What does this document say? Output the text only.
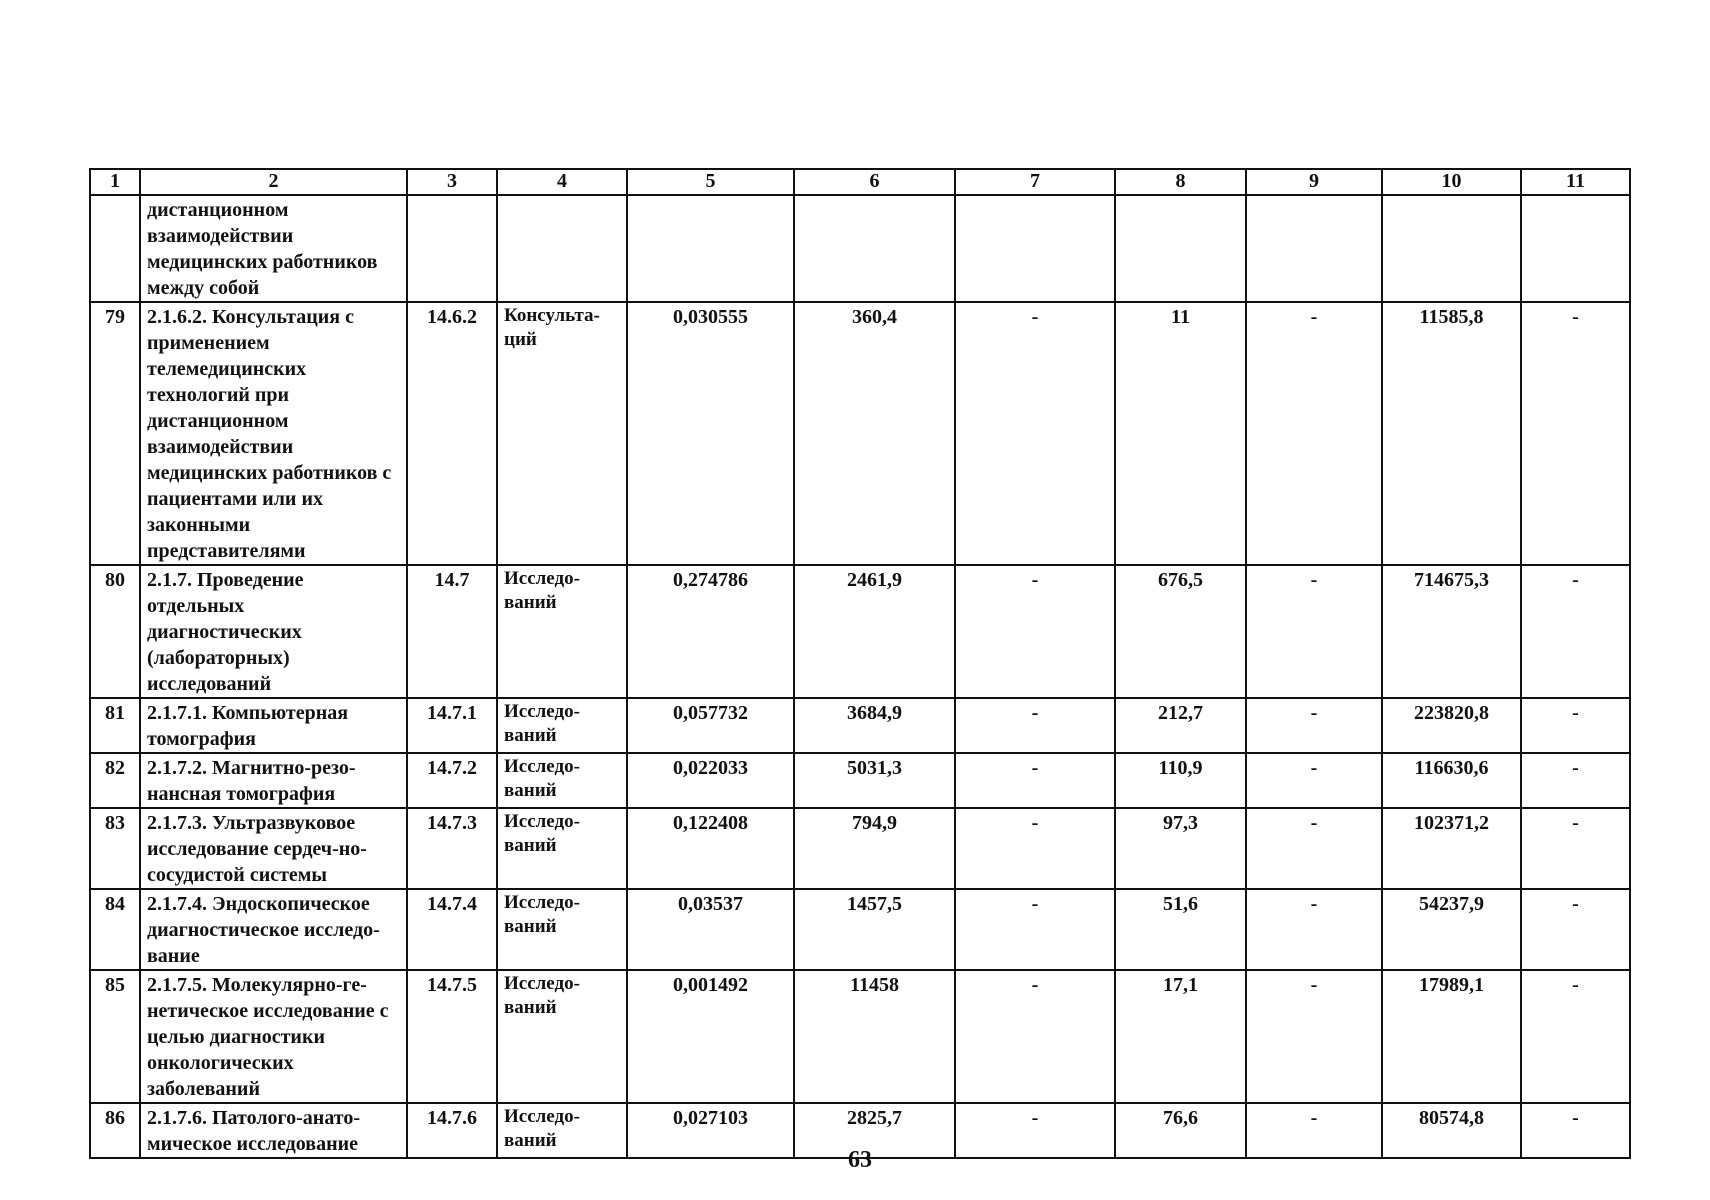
1	2	3	4	5	6	7	8	9	10	11
	дистанционном взаимодействии медицинских работников между собой									
79	2.1.6.2. Консультация с применением телемедицинских технологий при дистанционном взаимодействии медицинских работников с пациентами или их законными представителями	14.6.2	Консульта-ций	0,030555	360,4	-	11	-	11585,8	-
80	2.1.7. Проведение отдельных диагностических (лабораторных) исследований	14.7	Исследо-ваний	0,274786	2461,9	-	676,5	-	714675,3	-
81	2.1.7.1. Компьютерная томография	14.7.1	Исследо-ваний	0,057732	3684,9	-	212,7	-	223820,8	-
82	2.1.7.2. Магнитно-резо-нансная томография	14.7.2	Исследо-ваний	0,022033	5031,3	-	110,9	-	116630,6	-
83	2.1.7.3. Ультразвуковое исследование сердеч-но-сосудистой системы	14.7.3	Исследо-ваний	0,122408	794,9	-	97,3	-	102371,2	-
84	2.1.7.4. Эндоскопическое диагностическое исследо-вание	14.7.4	Исследо-ваний	0,03537	1457,5	-	51,6	-	54237,9	-
85	2.1.7.5. Молекулярно-ге-нетическое исследование с целью диагностики онкологических заболеваний	14.7.5	Исследо-ваний	0,001492	11458	-	17,1	-	17989,1	-
86	2.1.7.6. Патолого-анато-мическое исследование	14.7.6	Исследо-ваний	0,027103	2825,7	-	76,6	-	80574,8	-
63
